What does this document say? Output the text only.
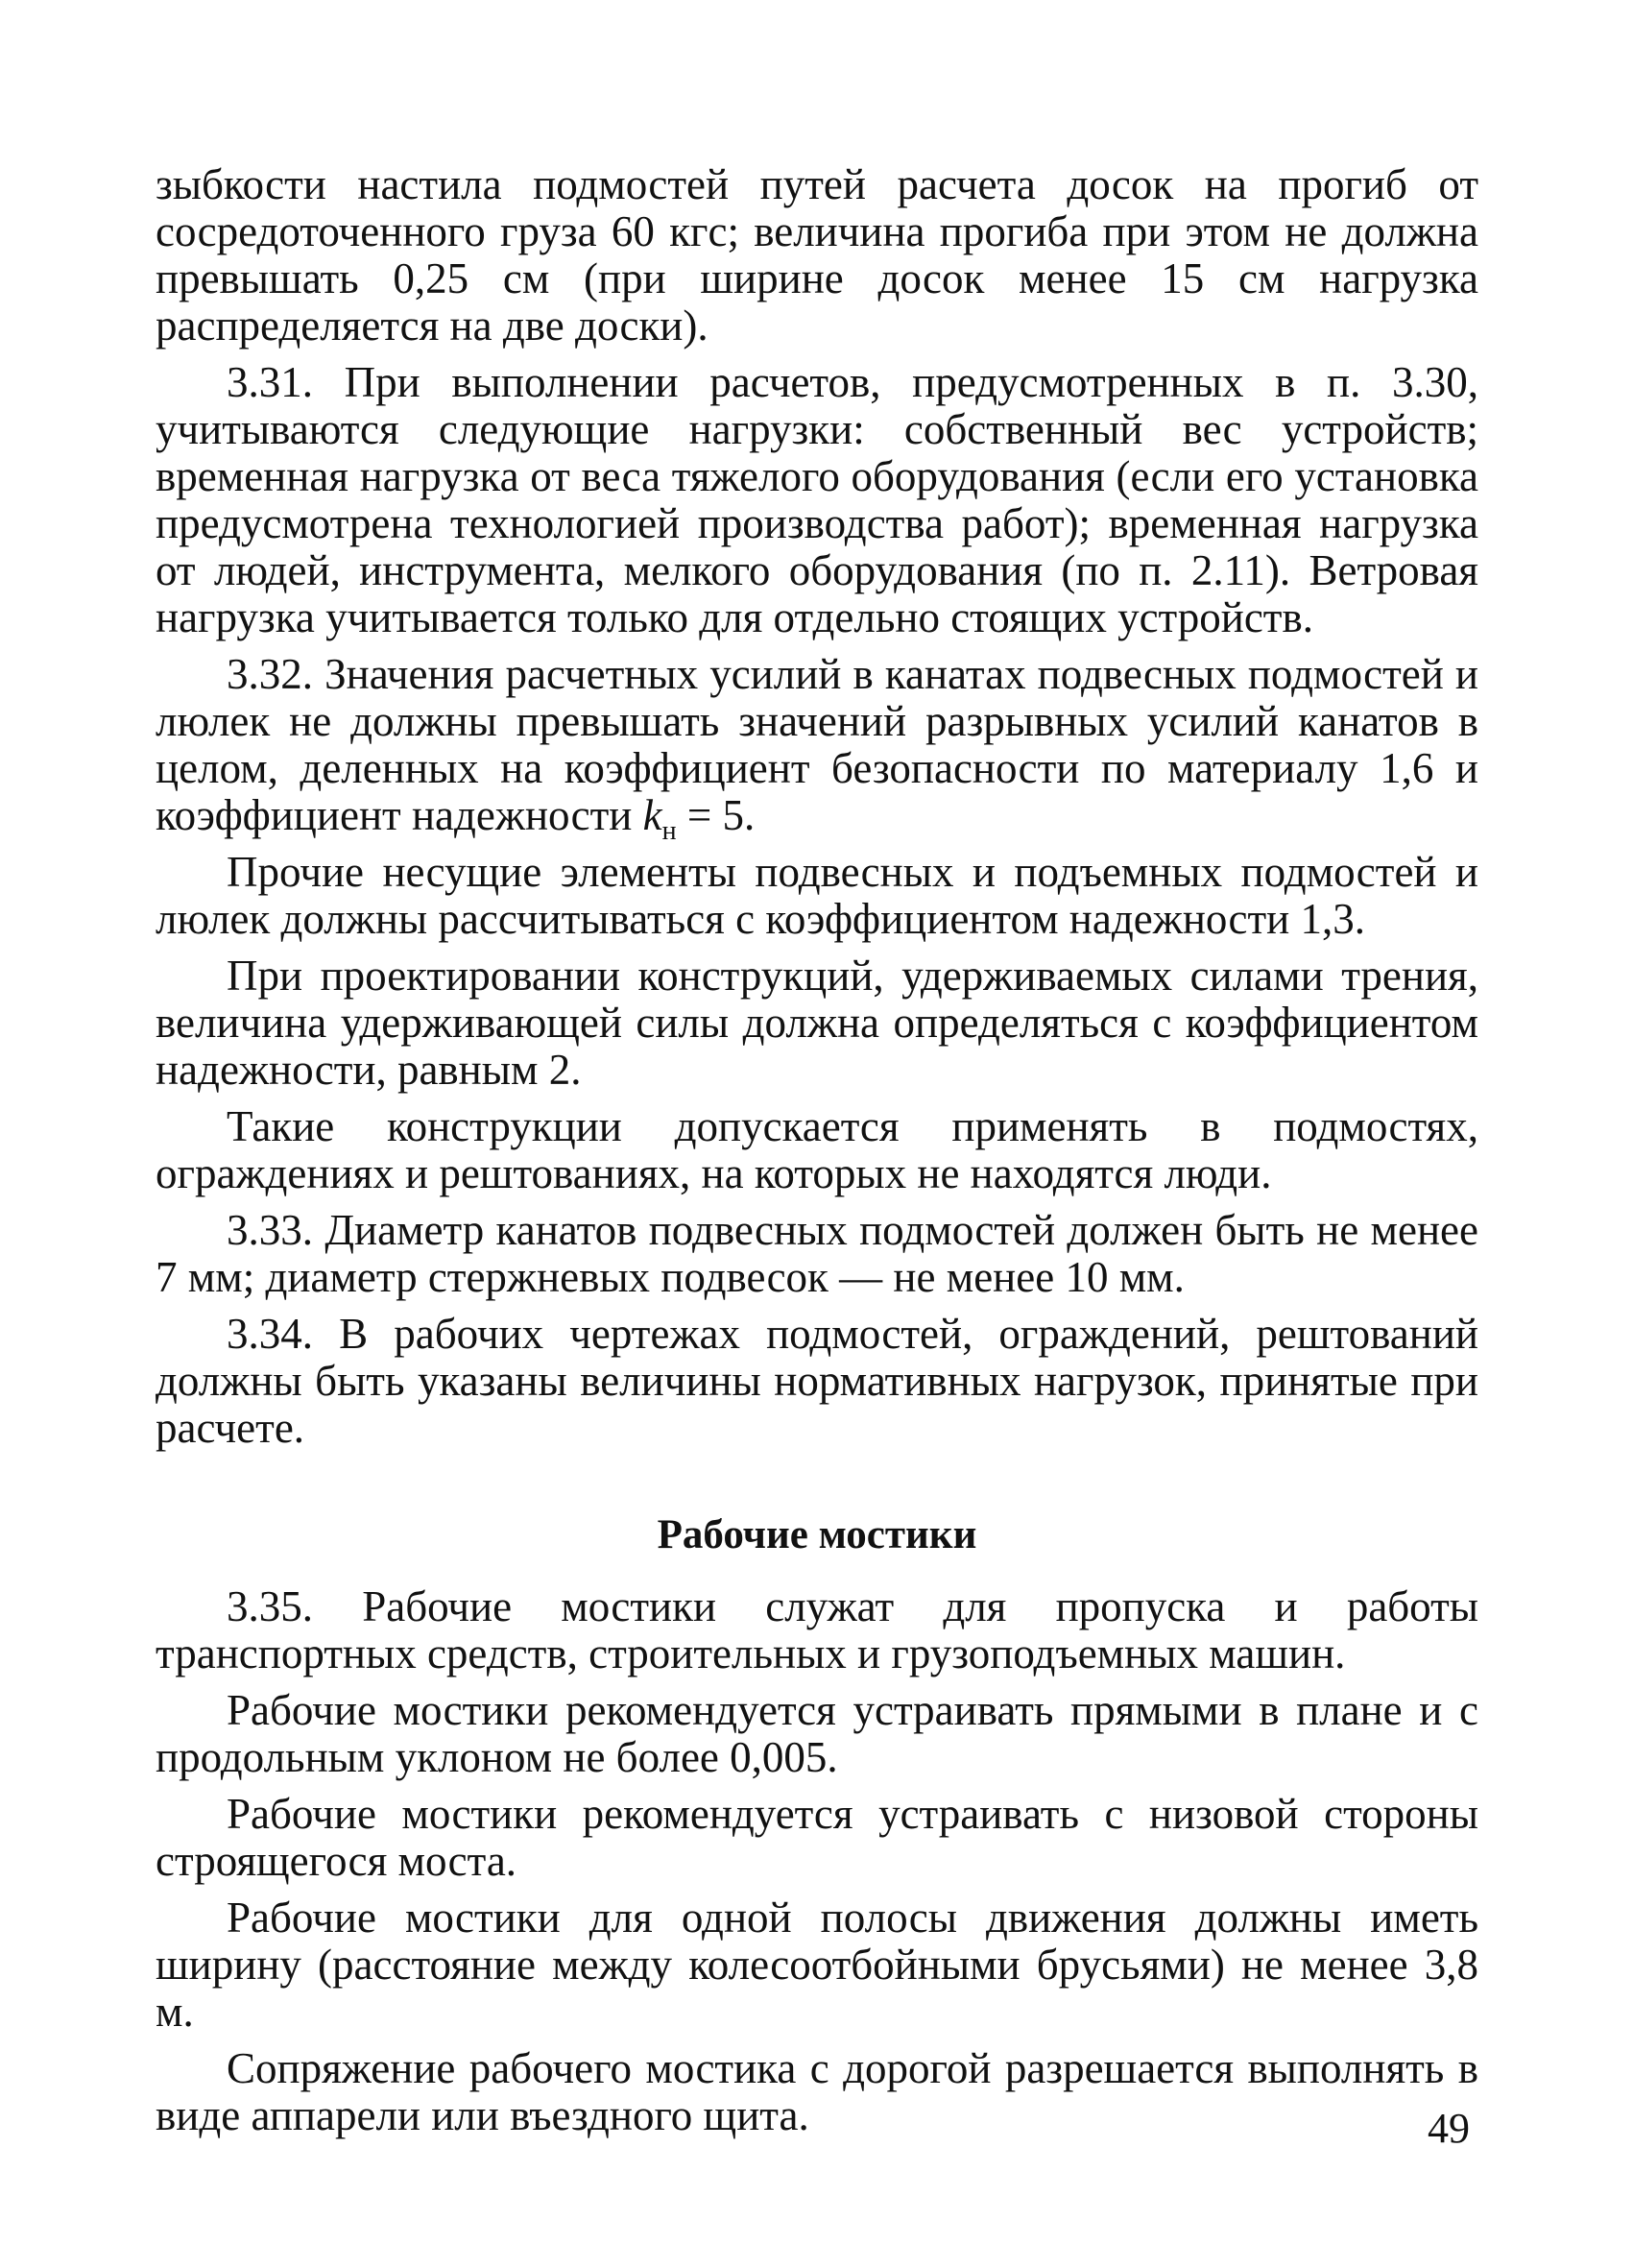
зыбкости настила подмостей путей расчета досок на прогиб от сосредоточенного груза 60 кгс; величина прогиба при этом не должна превышать 0,25 см (при ширине досок менее 15 см нагрузка распределяется на две доски).

3.31. При выполнении расчетов, предусмотренных в п. 3.30, учитываются следующие нагрузки: собственный вес устройств; временная нагрузка от веса тяжелого оборудования (если его установка предусмотрена технологией производства работ); временная нагрузка от людей, инструмента, мелкого оборудования (по п. 2.11). Ветровая нагрузка учитывается только для отдельно стоящих устройств.

3.32. Значения расчетных усилий в канатах подвесных подмостей и люлек не должны превышать значений разрывных усилий канатов в целом, деленных на коэффициент безопасности по материалу 1,6 и коэффициент надежности $k_н = 5$.

Прочие несущие элементы подвесных и подъемных подмостей и люлек должны рассчитываться с коэффициентом надежности 1,3.

При проектировании конструкций, удерживаемых силами трения, величина удерживающей силы должна определяться с коэффициентом надежности, равным 2.

Такие конструкции допускается применять в подмостях, ограждениях и рештованиях, на которых не находятся люди.

3.33. Диаметр канатов подвесных подмостей должен быть не менее 7 мм; диаметр стержневых подвесок — не менее 10 мм.

3.34. В рабочих чертежах подмостей, ограждений, рештований должны быть указаны величины нормативных нагрузок, принятые при расчете.

Рабочие мостики

3.35. Рабочие мостики служат для пропуска и работы транспортных средств, строительных и грузоподъемных машин.

Рабочие мостики рекомендуется устраивать прямыми в плане и с продольным уклоном не более 0,005.

Рабочие мостики рекомендуется устраивать с низовой стороны строящегося моста.

Рабочие мостики для одной полосы движения должны иметь ширину (расстояние между колесоотбойными брусьями) не менее 3,8 м.

Сопряжение рабочего мостика с дорогой разрешается выполнять в виде аппарели или въездного щита.	49
